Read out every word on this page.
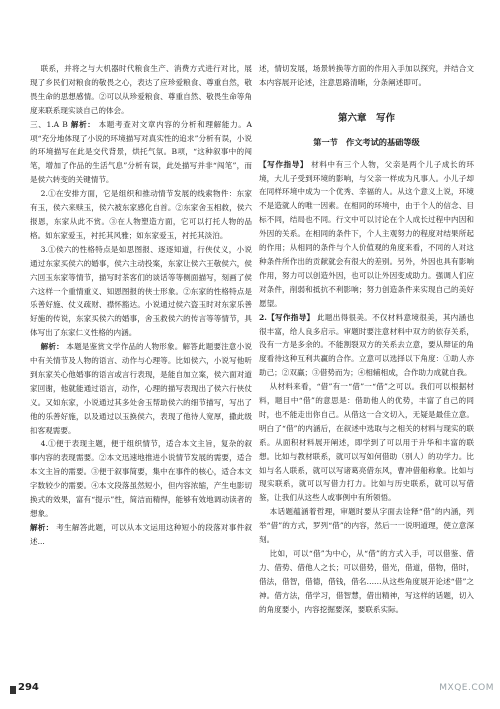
联系，并将之与大机器时代粮食生产、消费方式进行对比，展现了乡民们对粮食的敬畏之心，表达了应珍爱粮食、尊重自然，敬畏生命的思想感情。②可以从珍爱粮食、尊重自然、敬畏生命等角度来联系现实谈自己的体会。

三、1.A B 解析： 本题考查对文章内容的分析和理解能力。A项“充分地体现了小说的环境描写对真实性的追求”分析有误，小说的环境描写在此是交代背景，烘托气氛。B项，“这种叙事中的闯笔，增加了作品的生活气息”分析有误，此处描写并非“闯笔”，而是侯六转变的关键情节。

2.①在安排方面，它是组织和推动情节发展的线索物件：东家有玉，侯六来赎玉，侯六被东家感化自首。②东家舍玉相救，侯六报恩，东家从此不赏。③在人物塑造方面，它可以打托人物的品格。如东家爱玉，衬托其风雅；如东家爱玉，衬托其淡泊。

3.①侯六的性格特点是如思图报、逐逐知道，行侠仗义，小说通过东家买侯六的婚事，侯六主动投案，东家让侯六王敬侯六，侯六回玉东家等情节，描写时茶客们的谈话等等侧面描写，刻画了侯六这样一个重情重义、知恩图报的侠士形象。②东家的性格特点是乐善好施、仗义疏财、襟怀豁达。小说通过侯六盗玉时对东家乐善好施的传说，东家买侯六的婚事，舍玉救侯六的传言等等情节，具体写出了东家仁义性格的内涵。

解析： 本题是鉴赏文学作品的人物形象。解答此题要注意小说中有关情节及人物的语言、动作与心理等。比如侯六，小说写他听到东家关心他婚事的语言或言行表现，是能自加立案，侯六面对道家回谢，他就能通过语言，动作，心理的描写表现出了侯六行侠仗义。又如东家，小说通过其多处舍玉帮助侯六的细节描写，写出了他的乐善好施，以及通过以玉换侯六，表现了他待人宽厚，撒此级扣客观需要。

4.①便于表现主题，便于组织情节，适合本文主旨，复杂的叙事内容的表现需要。②本文迅速地推进小说情节发展的需要，适合本文主旨的需要。③便于叙事简要，集中在事件的核心，适合本文字数较少的需要。④本文段落虽然短小，但内容浓缩，产生电影切换式的效果，富有“提示”性，简洁而精悍，能够有效地调动读者的想象。

解析： 考生解答此题，可以从本文运用这种短小的段落对事件叙述...

述，情切发展，场景转换等方面的作用入手加以探究，并结合文本内容展开论述，注意思路清晰，分条阐述即可。

第六章　写作
第一节　作文考试的基础等级

【写作指导】 材料中有三个人物，父亲是两个儿子成长的环境，大儿子受到环境的影响，与父亲一样成为凡事人。小儿子却在同样环境中成为一个优秀、幸福的人。从这个意义上说，环境不是造就人的唯一因素。在相同的环境中，由于个人的信念、目标不同，结局也不同。行文中可以讨论在个人成长过程中内因和外因的关系。在相同的条件下，个人主观努力的程度对结果所起的作用；从相同的条件与个人价值观的角度来看，不同的人对这种条件所作出的贡献就会有很大的差别。另外，外因也具有影响作用，努力可以创造外因，也可以让外因变成助力。强调人们应对条件，削弱和抵抗不利影响；努力创造条件来实现自己的美好愿望。

2.【写作指导】 此题出得很美。不仅材料意境很美，其内涵也很丰富，给人良多启示。审题时要注意材料中双方的依存关系，没有一方是多余的。不能割裂双方的关系去立意，要从辩证的角度看待这种互利共赢的合作。立意可以选择以下角度：①助人亦助己；②双赢；③借势而为；④相辅相成，合作助力成就自我。

从材料来看，“借”有一“借”一“借”之可以。我们可以根据材料，题目中“借”的意思是：借助他人的优势，丰富了自己的同时，也不能走出你自己。从借这一合文切入，无疑是最佳立意。明白了“借”的内涵后，在叙述中选取与之相关的材料与现实的联系。从面积材料展开阐述，即学到了可以用于升华和丰富的联想。比如与教材联系，就可以写如何借助（别人）的功学力。比如与名人联系，就可以写诸葛亮借东风，曹冲借船称象。比如与现实联系，就可以写借力打力。比如与历史联系，就可以写借鉴，让我们从这些人或事例中有所领悟。

本话题蕴涵着哲理，审题时要从字面去诠释“借”的内涵，列举“借”的方式，罗列“借”的内容，然后一一说明道理，使立意深刻。

比如，可以“借”为中心，从“借”的方式入手，可以借鉴、借力、借势、借他人之长；可以借势，借光，借道，借物，借时，借法，借智，借德，借钱，借名……从这些角度展开论述“借”之神。借方法，借学习，借智慧，借出精神，写这样的话题，切入的角度要小，内容挖掘要深，要联系实际。

294	MXQE.COM
